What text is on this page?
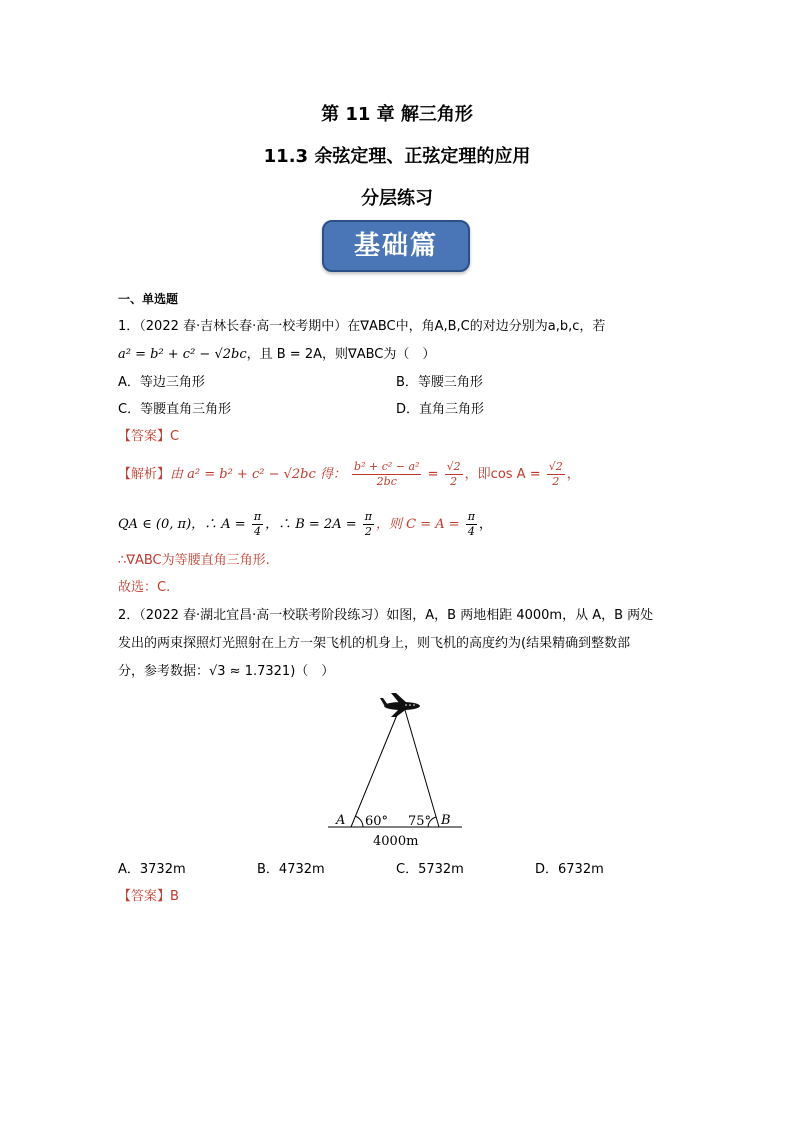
第 11 章 解三角形
11.3 余弦定理、正弦定理的应用
分层练习
基础篇
一、单选题
1．（2022 春·吉林长春·高一校考期中）在∇ABC中，角A,B,C的对边分别为a,b,c，若
a² = b² + c² − √2bc，且 B = 2A，则∇ABC为（　）
A．等边三角形	B．等腰三角形
C．等腰直角三角形	D．直角三角形
【答案】C
【解析】由 a² = b² + c² − √2bc 得： $\frac{\text{b² + c² − a²}}{2bc} = \frac{√2}{2}$ ，即$\cos A = \frac{√2}{2}$ ，
QA ∈ (0, π)，∴ $A = \frac{\pi}{4}$ ，∴ $B = 2A = \frac{\pi}{2}$ ，则 $C = A = \frac{\pi}{4}$ ，
∴∇ABC为等腰直角三角形.
故选：C.
2．（2022 春·湖北宜昌·高一校联考阶段练习）如图，A，B 两地相距 4000m，从 A，B 两处
发出的两束探照灯光照射在上方一架飞机的机身上，则飞机的高度约为(结果精确到整数部
分，参考数据：√3 ≈ 1.7321)（　）
A 60° 75° B
4000m
A．3732m	B．4732m	C．5732m	D．6732m
【答案】B
